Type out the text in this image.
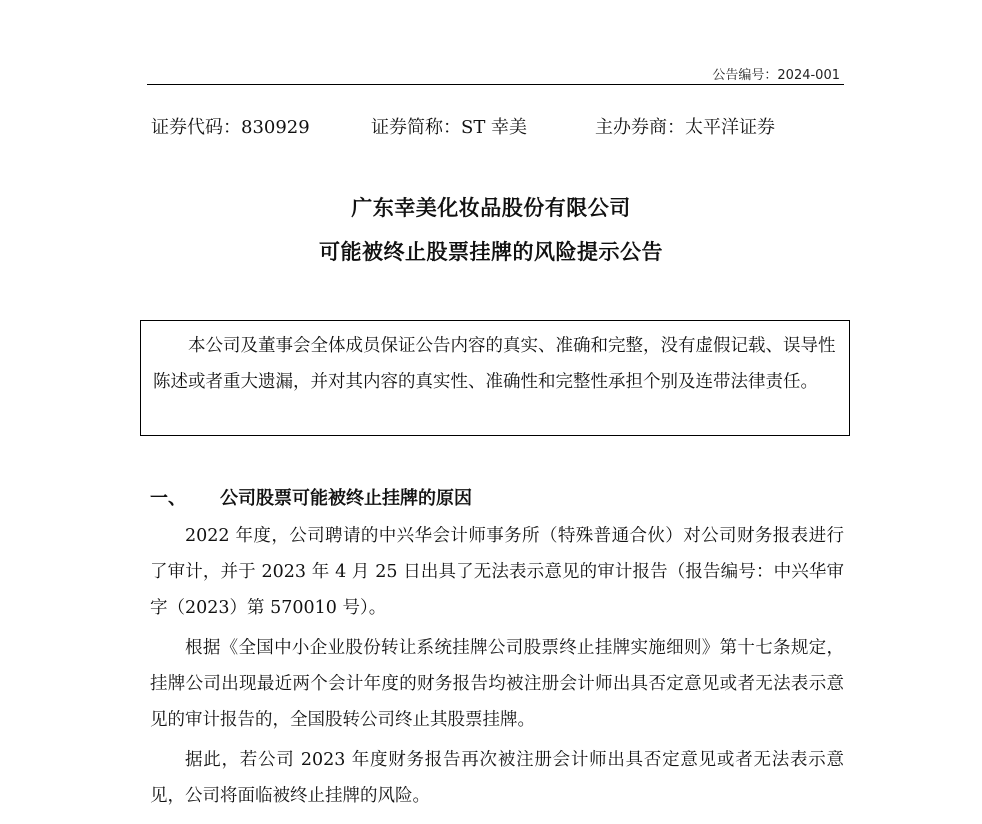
公告编号：2024-001
证券代码：830929	证券简称：ST 幸美	主办券商：太平洋证券
广东幸美化妆品股份有限公司
可能被终止股票挂牌的风险提示公告

本公司及董事会全体成员保证公告内容的真实、准确和完整，没有虚假记载、误导性陈述或者重大遗漏，并对其内容的真实性、准确性和完整性承担个别及连带法律责任。

一、 公司股票可能被终止挂牌的原因

2022 年度，公司聘请的中兴华会计师事务所（特殊普通合伙）对公司财务报表进行了审计，并于 2023 年 4 月 25 日出具了无法表示意见的审计报告（报告编号：中兴华审字（2023）第 570010 号）。

根据《全国中小企业股份转让系统挂牌公司股票终止挂牌实施细则》第十七条规定，挂牌公司出现最近两个会计年度的财务报告均被注册会计师出具否定意见或者无法表示意见的审计报告的，全国股转公司终止其股票挂牌。

据此，若公司 2023 年度财务报告再次被注册会计师出具否定意见或者无法表示意见，公司将面临被终止挂牌的风险。
